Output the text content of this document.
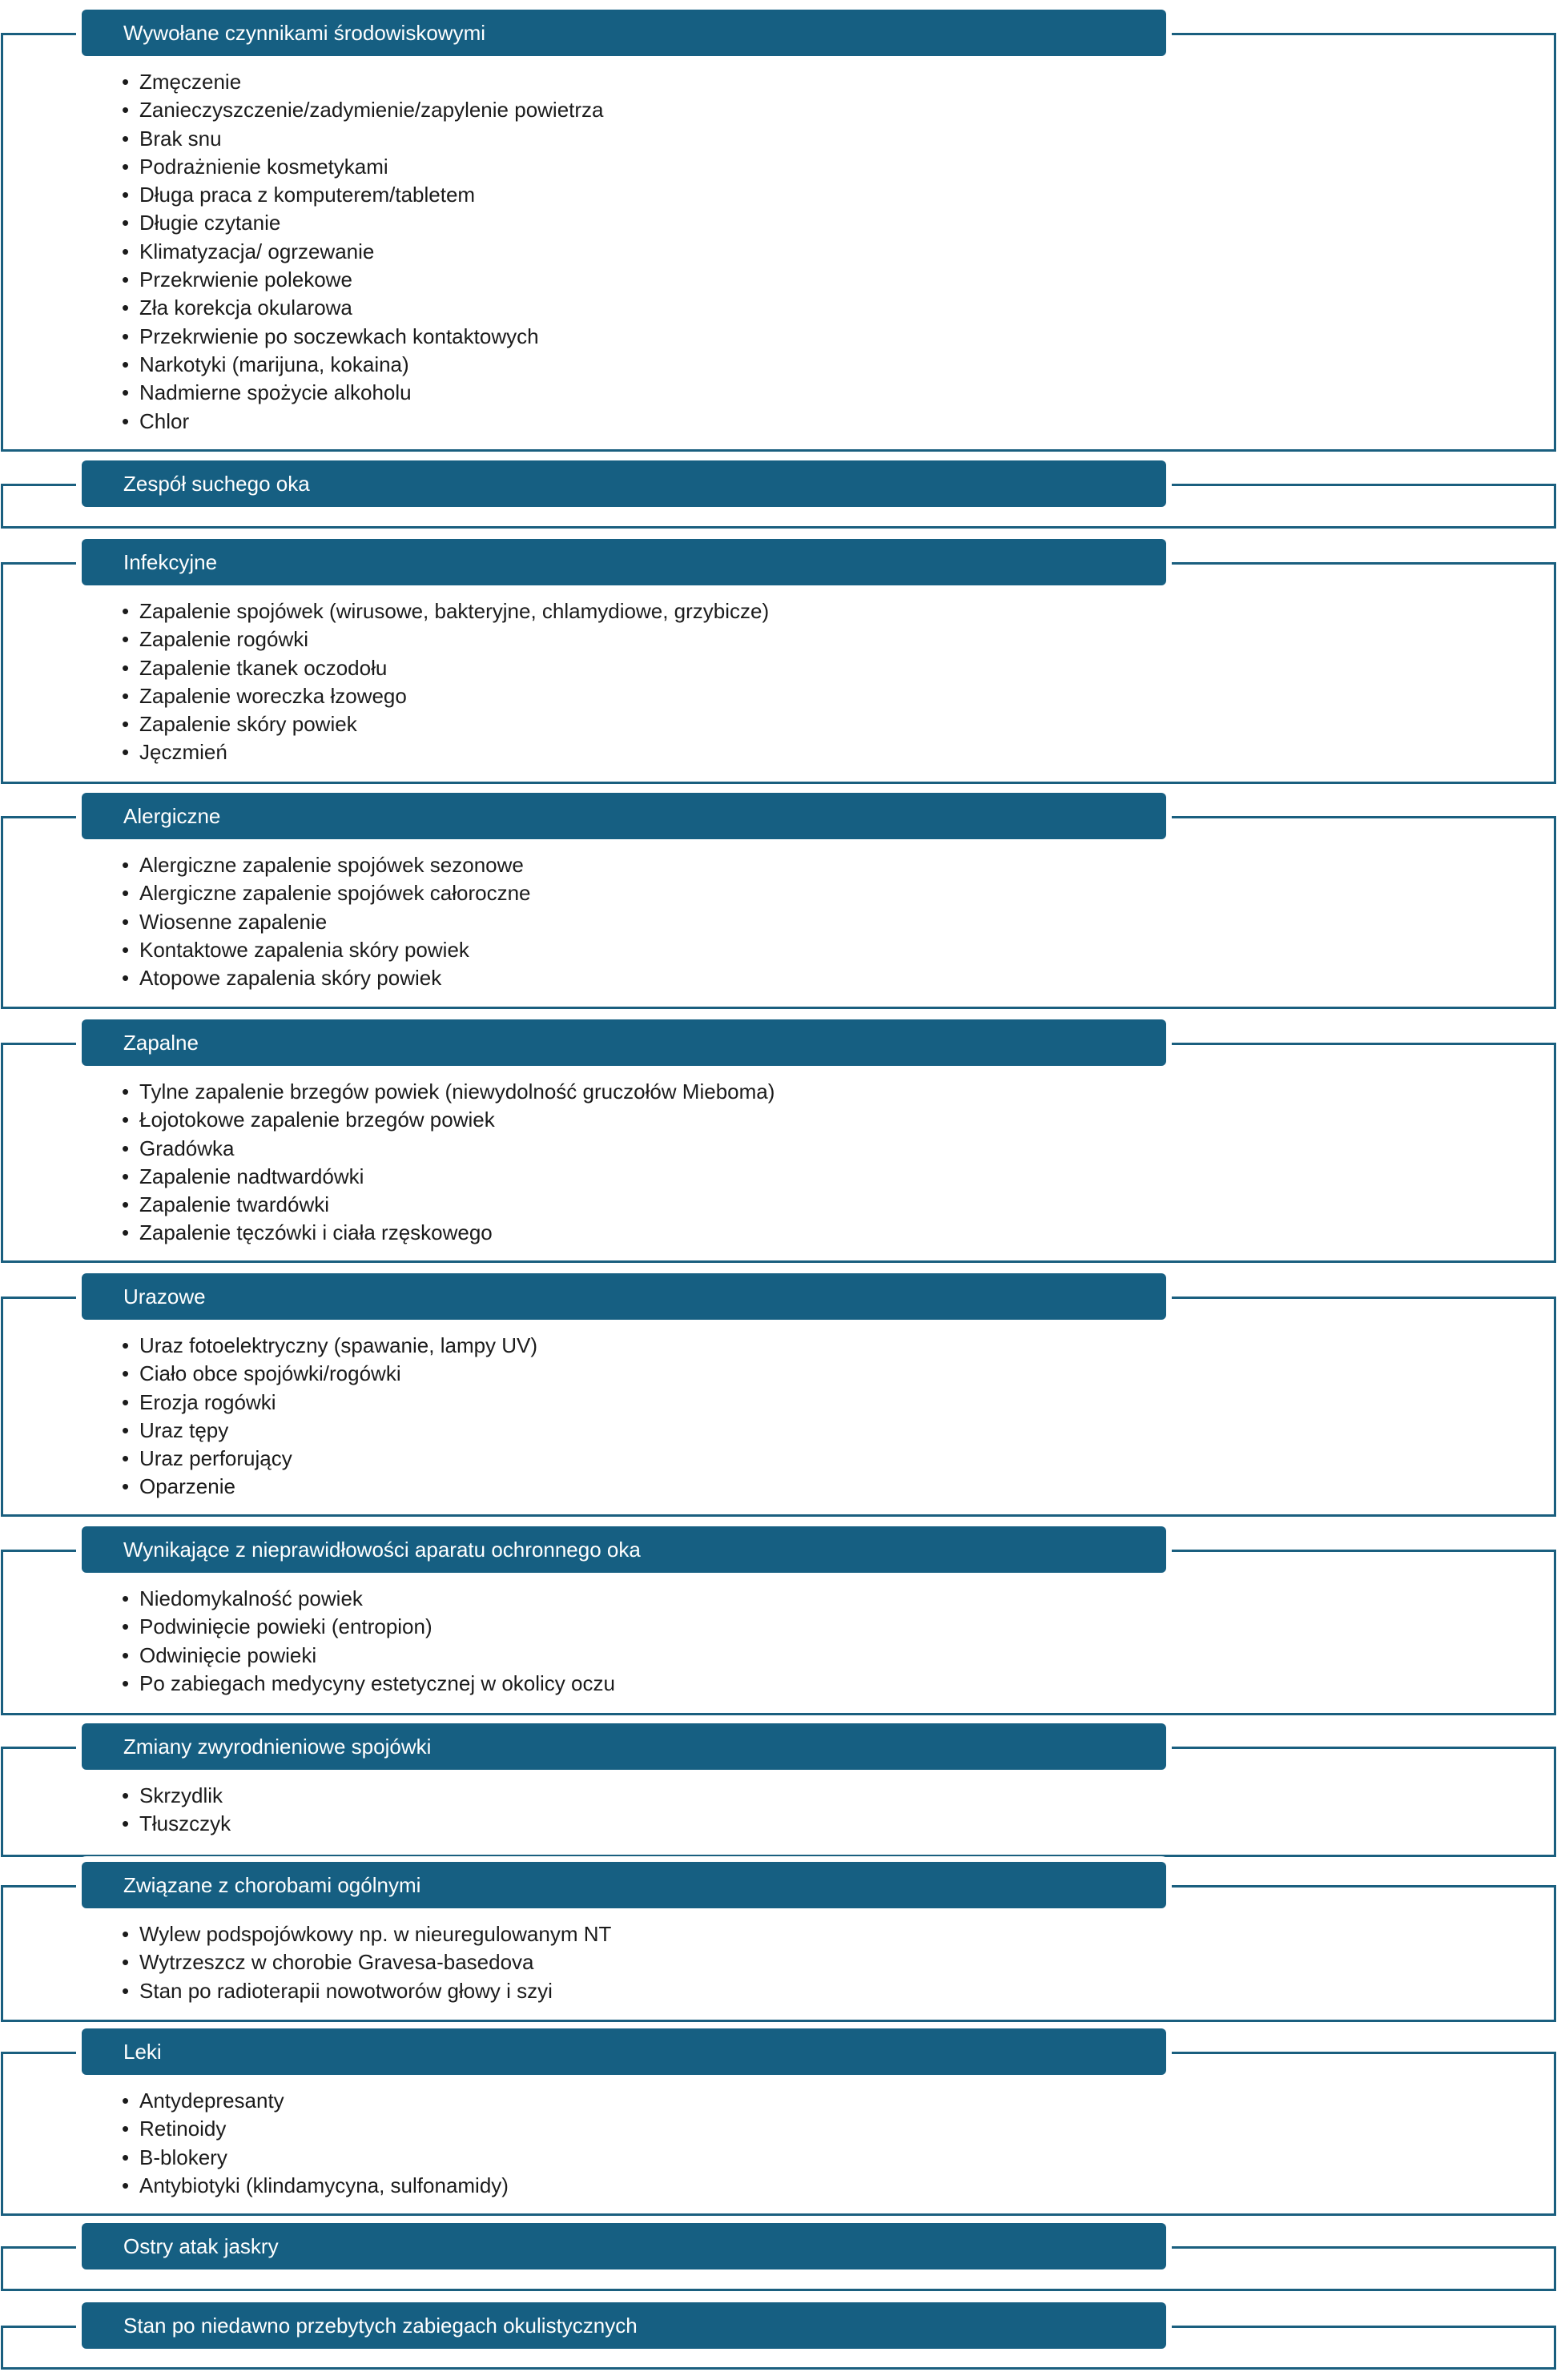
Wywołane czynnikami środowiskowymi
• Zmęczenie
• Zanieczyszczenie/zadymienie/zapylenie powietrza
• Brak snu
• Podrażnienie kosmetykami
• Długa praca z komputerem/tabletem
• Długie czytanie
• Klimatyzacja/ ogrzewanie
• Przekrwienie polekowe
• Zła korekcja okularowa
• Przekrwienie po soczewkach kontaktowych
• Narkotyki (marijuna, kokaina)
• Nadmierne spożycie alkoholu
• Chlor
Zespół suchego oka
Infekcyjne
• Zapalenie spojówek (wirusowe, bakteryjne, chlamydiowe, grzybicze)
• Zapalenie rogówki
• Zapalenie tkanek oczodołu
• Zapalenie woreczka łzowego
• Zapalenie skóry powiek
• Jęczmień
Alergiczne
• Alergiczne zapalenie spojówek sezonowe
• Alergiczne zapalenie spojówek całoroczne
• Wiosenne zapalenie
• Kontaktowe zapalenia skóry powiek
• Atopowe zapalenia skóry powiek
Zapalne
• Tylne zapalenie brzegów powiek (niewydolność gruczołów Mieboma)
• Łojotokowe zapalenie brzegów powiek
• Gradówka
• Zapalenie nadtwardówki
• Zapalenie twardówki
• Zapalenie tęczówki i ciała rzęskowego
Urazowe
• Uraz fotoelektryczny (spawanie, lampy UV)
• Ciało obce spojówki/rogówki
• Erozja rogówki
• Uraz tępy
• Uraz perforujący
• Oparzenie
Wynikające z nieprawidłowości aparatu ochronnego oka
• Niedomykalność powiek
• Podwinięcie powieki (entropion)
• Odwinięcie powieki
• Po zabiegach medycyny estetycznej w okolicy oczu
Zmiany zwyrodnieniowe spojówki
• Skrzydlik
• Tłuszczyk
Związane z chorobami ogólnymi
• Wylew podspojówkowy np. w nieuregulowanym NT
• Wytrzeszcz w chorobie Gravesa-basedova
• Stan po radioterapii nowotworów głowy i szyi
Leki
• Antydepresanty
• Retinoidy
• B-blokery
• Antybiotyki (klindamycyna, sulfonamidy)
Ostry atak jaskry
Stan po niedawno przebytych zabiegach okulistycznych
